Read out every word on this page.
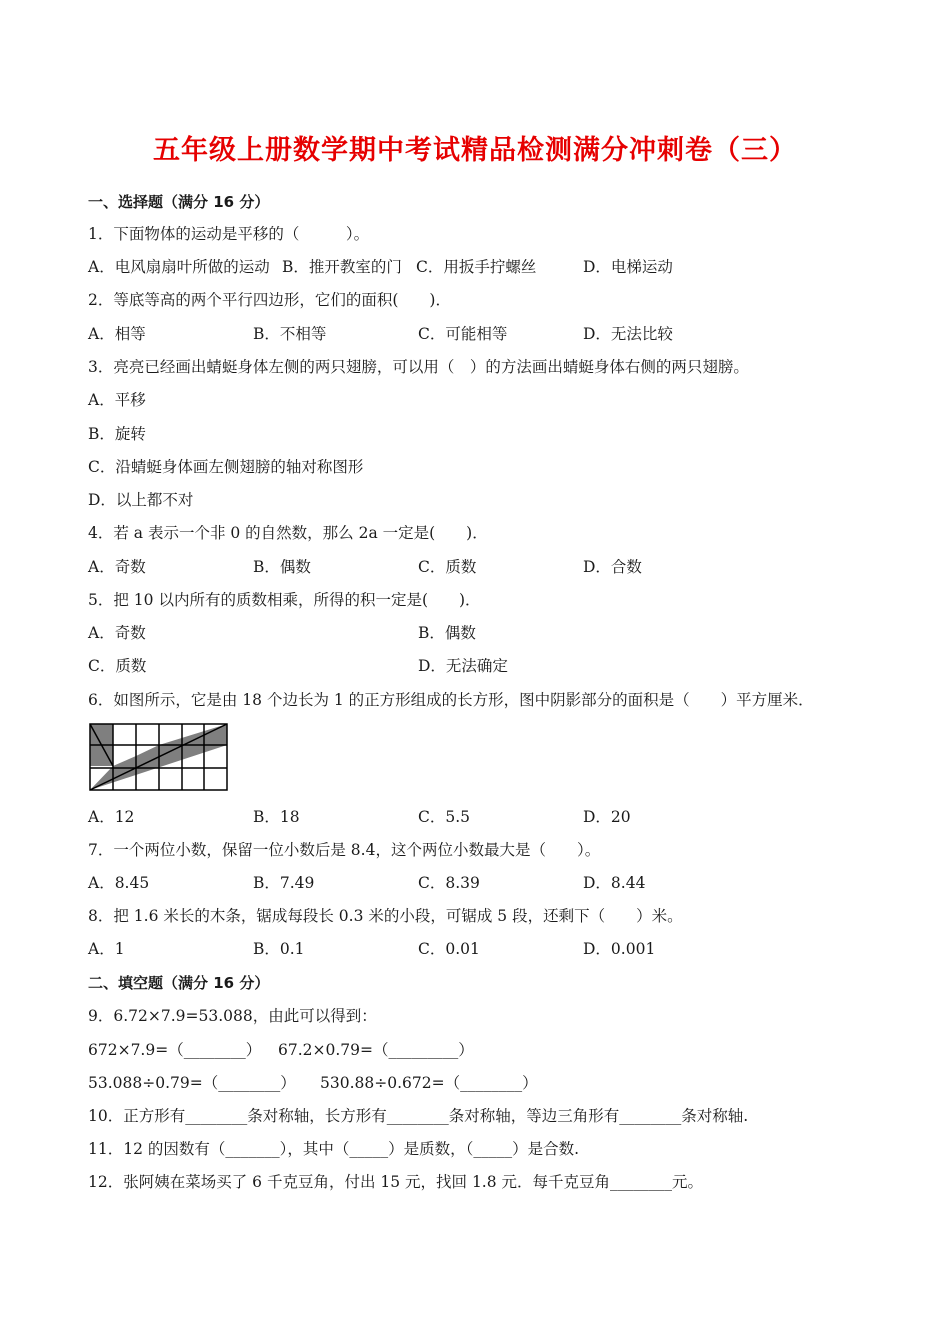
五年级上册数学期中考试精品检测满分冲刺卷（三）
一、选择题（满分 16 分）
1．下面物体的运动是平移的（　　　）。
A．电风扇扇叶所做的运动 B．推开教室的门 C．用扳手拧螺丝	D．电梯运动
2．等底等高的两个平行四边形，它们的面积(　　)．
A．相等	B．不相等	C．可能相等	D．无法比较
3．亮亮已经画出蜻蜓身体左侧的两只翅膀，可以用（　）的方法画出蜻蜓身体右侧的两只翅膀。
A．平移
B．旋转
C．沿蜻蜓身体画左侧翅膀的轴对称图形
D．以上都不对
4．若 a 表示一个非 0 的自然数，那么 2a 一定是(　　)．
A．奇数	B．偶数	C．质数	D．合数
5．把 10 以内所有的质数相乘，所得的积一定是(　　)．
A．奇数	B．偶数
C．质数	D．无法确定
6．如图所示，它是由 18 个边长为 1 的正方形组成的长方形，图中阴影部分的面积是（　　）平方厘米．
A．12	B．18	C．5.5	D．20
7．一个两位小数，保留一位小数后是 8.4，这个两位小数最大是（　　）。
A．8.45	B．7.49	C．8.39	D．8.44
8．把 1.6 米长的木条，锯成每段长 0.3 米的小段，可锯成 5 段，还剩下（　　）米。
A．1	B．0.1	C．0.01	D．0.001
二、填空题（满分 16 分）
9．6.72×7.9=53.088，由此可以得到：
672×7.9=（________） 67.2×0.79=（_________）
53.088÷0.79=（________） 530.88÷0.672=（________）
10．正方形有________条对称轴，长方形有________条对称轴，等边三角形有________条对称轴.
11．12 的因数有（_______），其中（_____）是质数，（_____）是合数.
12．张阿姨在菜场买了 6 千克豆角，付出 15 元，找回 1.8 元．每千克豆角________元。
